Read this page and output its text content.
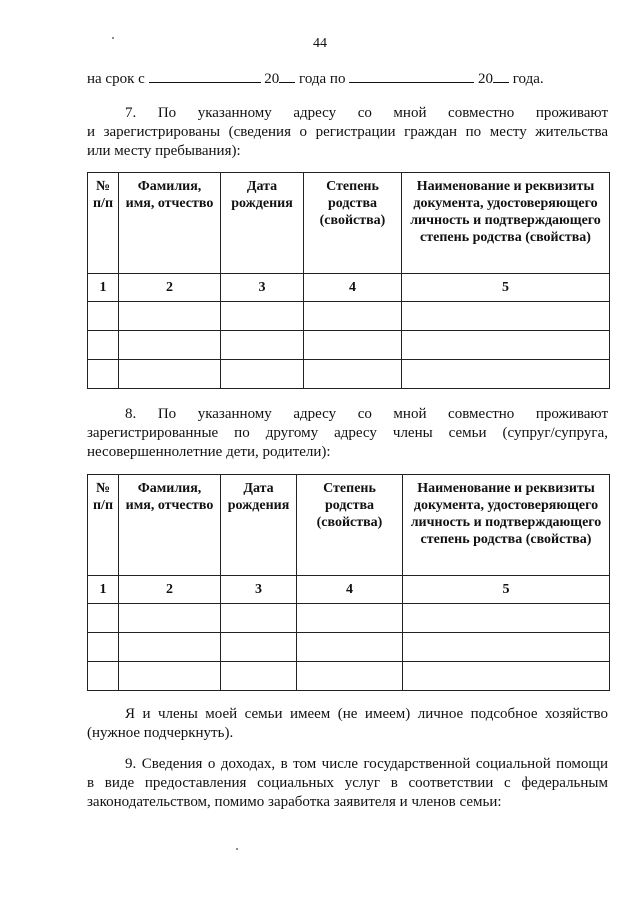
44
на срок с	20 года по	20 года.
7. По указанному адресу со мной совместно проживают
и зарегистрированы (сведения о регистрации граждан по месту жительства
или месту пребывания):
№ п/п	Фамилия, имя, отчество	Дата рождения	Степень родства (свойства)	Наименование и реквизиты документа, удостоверяющего личность и подтверждающего степень родства (свойства)
1	2	3	4	5

8. По указанному адресу со мной совместно проживают
зарегистрированные по другому адресу члены семьи (супруг/супруга,
несовершеннолетние дети, родители):
№ п/п	Фамилия, имя, отчество	Дата рождения	Степень родства (свойства)	Наименование и реквизиты документа, удостоверяющего личность и подтверждающего степень родства (свойства)
1	2	3	4	5

Я и члены моей семьи имеем (не имеем) личное подсобное хозяйство
(нужное подчеркнуть).
9. Сведения о доходах, в том числе государственной социальной помощи
в виде предоставления социальных услуг в соответствии с федеральным
законодательством, помимо заработка заявителя и членов семьи:
